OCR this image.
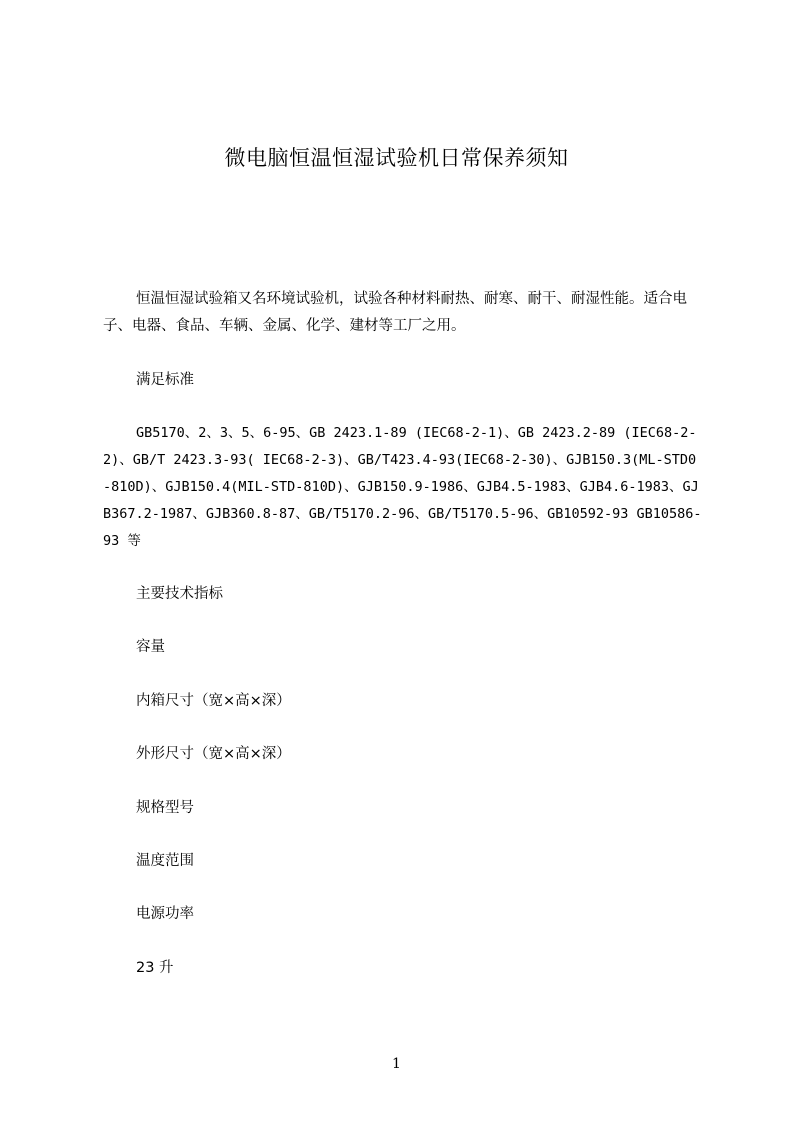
微电脑恒温恒湿试验机日常保养须知

恒温恒湿试验箱又名环境试验机，试验各种材料耐热、耐寒、耐干、耐湿性能。适合电子、电器、食品、车辆、金属、化学、建材等工厂之用。

满足标准

GB5170、2、3、5、6-95、GB 2423.1-89 (IEC68-2-1)、GB 2423.2-89 (IEC68-2-2)、GB/T 2423.3-93( IEC68-2-3)、GB/T423.4-93(IEC68-2-30)、GJB150.3(ML-STD0-810D)、GJB150.4(MIL-STD-810D)、GJB150.9-1986、GJB4.5-1983、GJB4.6-1983、GJB367.2-1987、GJB360.8-87、GB/T5170.2-96、GB/T5170.5-96、GB10592-93 GB10586-93 等

主要技术指标
容量
内箱尺寸（宽×高×深）
外形尺寸（宽×高×深）
规格型号
温度范围
电源功率
23 升
1
